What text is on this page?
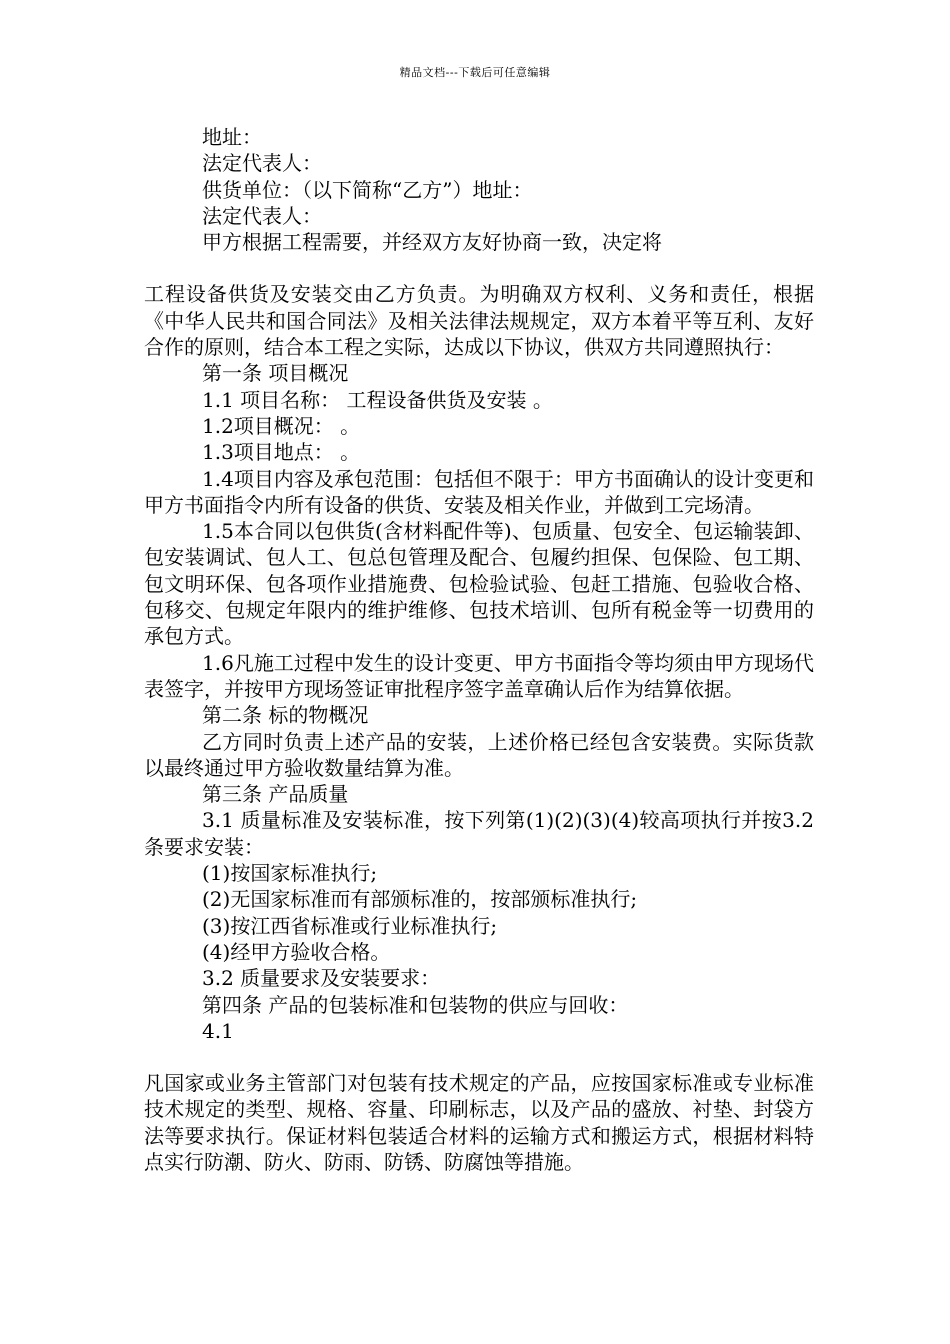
精品文档---下载后可任意编辑

地址：

法定代表人：

供货单位：（以下简称“乙方”）地址：

法定代表人：

甲方根据工程需要，并经双方友好协商一致，决定将

工程设备供货及安装交由乙方负责。为明确双方权利、义务和责任，根据《中华人民共和国合同法》及相关法律法规规定，双方本着平等互利、友好合作的原则，结合本工程之实际，达成以下协议，供双方共同遵照执行：

第一条 项目概况

1.1 项目名称： 工程设备供货及安装 。

1.2项目概况： 。

1.3项目地点： 。

1.4项目内容及承包范围：包括但不限于：甲方书面确认的设计变更和甲方书面指令内所有设备的供货、安装及相关作业，并做到工完场清。

1.5本合同以包供货(含材料配件等)、包质量、包安全、包运输装卸、包安装调试、包人工、包总包管理及配合、包履约担保、包保险、包工期、包文明环保、包各项作业措施费、包检验试验、包赶工措施、包验收合格、包移交、包规定年限内的维护维修、包技术培训、包所有税金等一切费用的承包方式。

1.6凡施工过程中发生的设计变更、甲方书面指令等均须由甲方现场代表签字，并按甲方现场签证审批程序签字盖章确认后作为结算依据。

第二条 标的物概况

乙方同时负责上述产品的安装，上述价格已经包含安装费。实际货款以最终通过甲方验收数量结算为准。

第三条 产品质量

3.1 质量标准及安装标准，按下列第(1)(2)(3)(4)较高项执行并按3.2条要求安装：

(1)按国家标准执行;

(2)无国家标准而有部颁标准的，按部颁标准执行;

(3)按江西省标准或行业标准执行;

(4)经甲方验收合格。

3.2 质量要求及安装要求：

第四条 产品的包装标准和包装物的供应与回收：

4.1

凡国家或业务主管部门对包装有技术规定的产品，应按国家标准或专业标准技术规定的类型、规格、容量、印刷标志，以及产品的盛放、衬垫、封袋方法等要求执行。保证材料包装适合材料的运输方式和搬运方式，根据材料特点实行防潮、防火、防雨、防锈、防腐蚀等措施。
